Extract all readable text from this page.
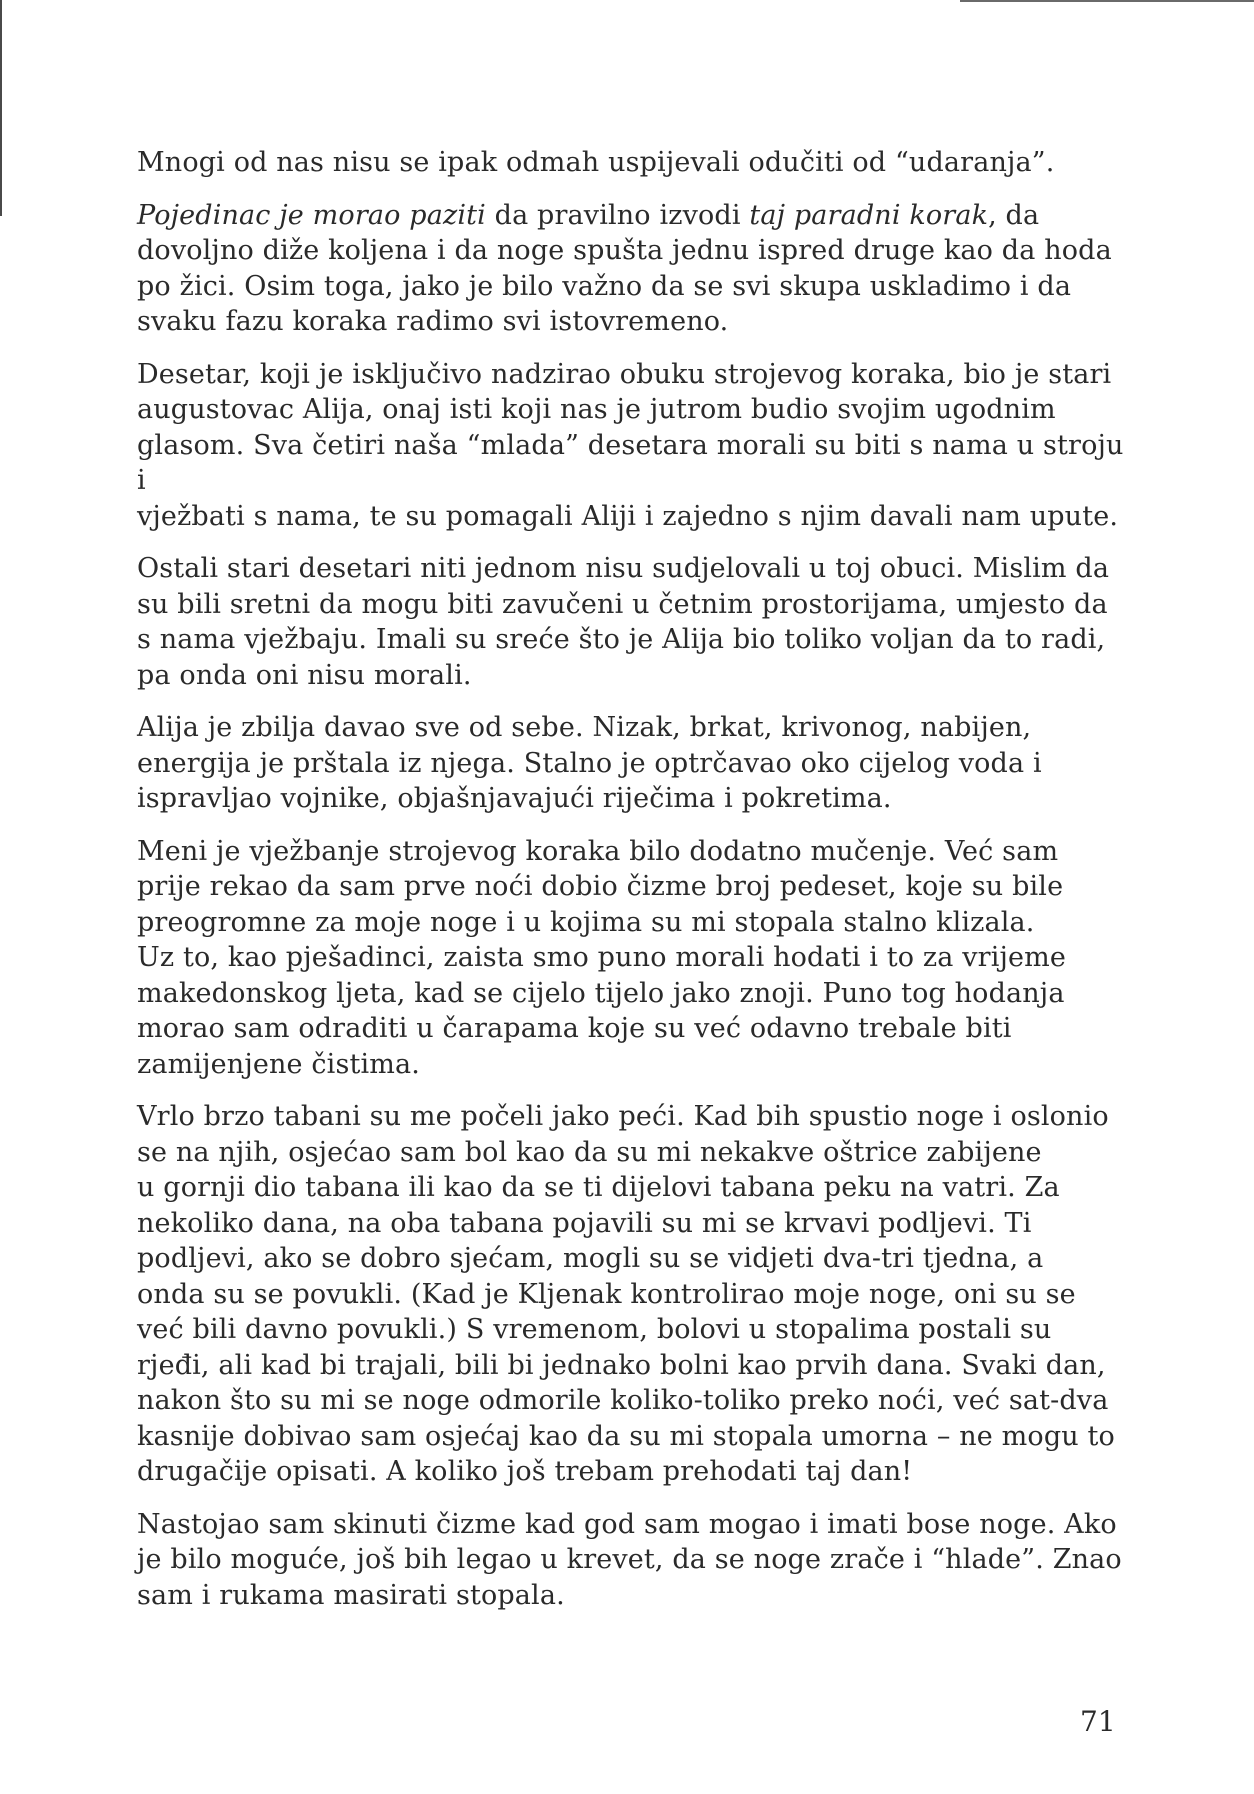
Mnogi od nas nisu se ipak odmah uspijevali odučiti od “udaranja”.

Pojedinac je morao paziti da pravilno izvodi taj paradni korak, da
dovoljno diže koljena i da noge spušta jednu ispred druge kao da hoda
po žici. Osim toga, jako je bilo važno da se svi skupa uskladimo i da
svaku fazu koraka radimo svi istovremeno.

Desetar, koji je isključivo nadzirao obuku strojevog koraka, bio je stari
augustovac Alija, onaj isti koji nas je jutrom budio svojim ugodnim
glasom. Sva četiri naša “mlada” desetara morali su biti s nama u stroju i
vježbati s nama, te su pomagali Aliji i zajedno s njim davali nam upute.

Ostali stari desetari niti jednom nisu sudjelovali u toj obuci. Mislim da
su bili sretni da mogu biti zavučeni u četnim prostorijama, umjesto da
s nama vježbaju. Imali su sreće što je Alija bio toliko voljan da to radi,
pa onda oni nisu morali.

Alija je zbilja davao sve od sebe. Nizak, brkat, krivonog, nabijen,
energija je prštala iz njega. Stalno je optrčavao oko cijelog voda i
ispravljao vojnike, objašnjavajući riječima i pokretima.

Meni je vježbanje strojevog koraka bilo dodatno mučenje. Već sam
prije rekao da sam prve noći dobio čizme broj pedeset, koje su bile
preogromne za moje noge i u kojima su mi stopala stalno klizala.
Uz to, kao pješadinci, zaista smo puno morali hodati i to za vrijeme
makedonskog ljeta, kad se cijelo tijelo jako znoji. Puno tog hodanja
morao sam odraditi u čarapama koje su već odavno trebale biti
zamijenjene čistima.

Vrlo brzo tabani su me počeli jako peći. Kad bih spustio noge i oslonio
se na njih, osjećao sam bol kao da su mi nekakve oštrice zabijene
u gornji dio tabana ili kao da se ti dijelovi tabana peku na vatri. Za
nekoliko dana, na oba tabana pojavili su mi se krvavi podljevi. Ti
podljevi, ako se dobro sjećam, mogli su se vidjeti dva-tri tjedna, a
onda su se povukli. (Kad je Kljenak kontrolirao moje noge, oni su se
već bili davno povukli.) S vremenom, bolovi u stopalima postali su
rjeđi, ali kad bi trajali, bili bi jednako bolni kao prvih dana. Svaki dan,
nakon što su mi se noge odmorile koliko-toliko preko noći, već sat-dva
kasnije dobivao sam osjećaj kao da su mi stopala umorna – ne mogu to
drugačije opisati. A koliko još trebam prehodati taj dan!

Nastojao sam skinuti čizme kad god sam mogao i imati bose noge. Ako
je bilo moguće, još bih legao u krevet, da se noge zrače i “hlade”. Znao
sam i rukama masirati stopala.

71
